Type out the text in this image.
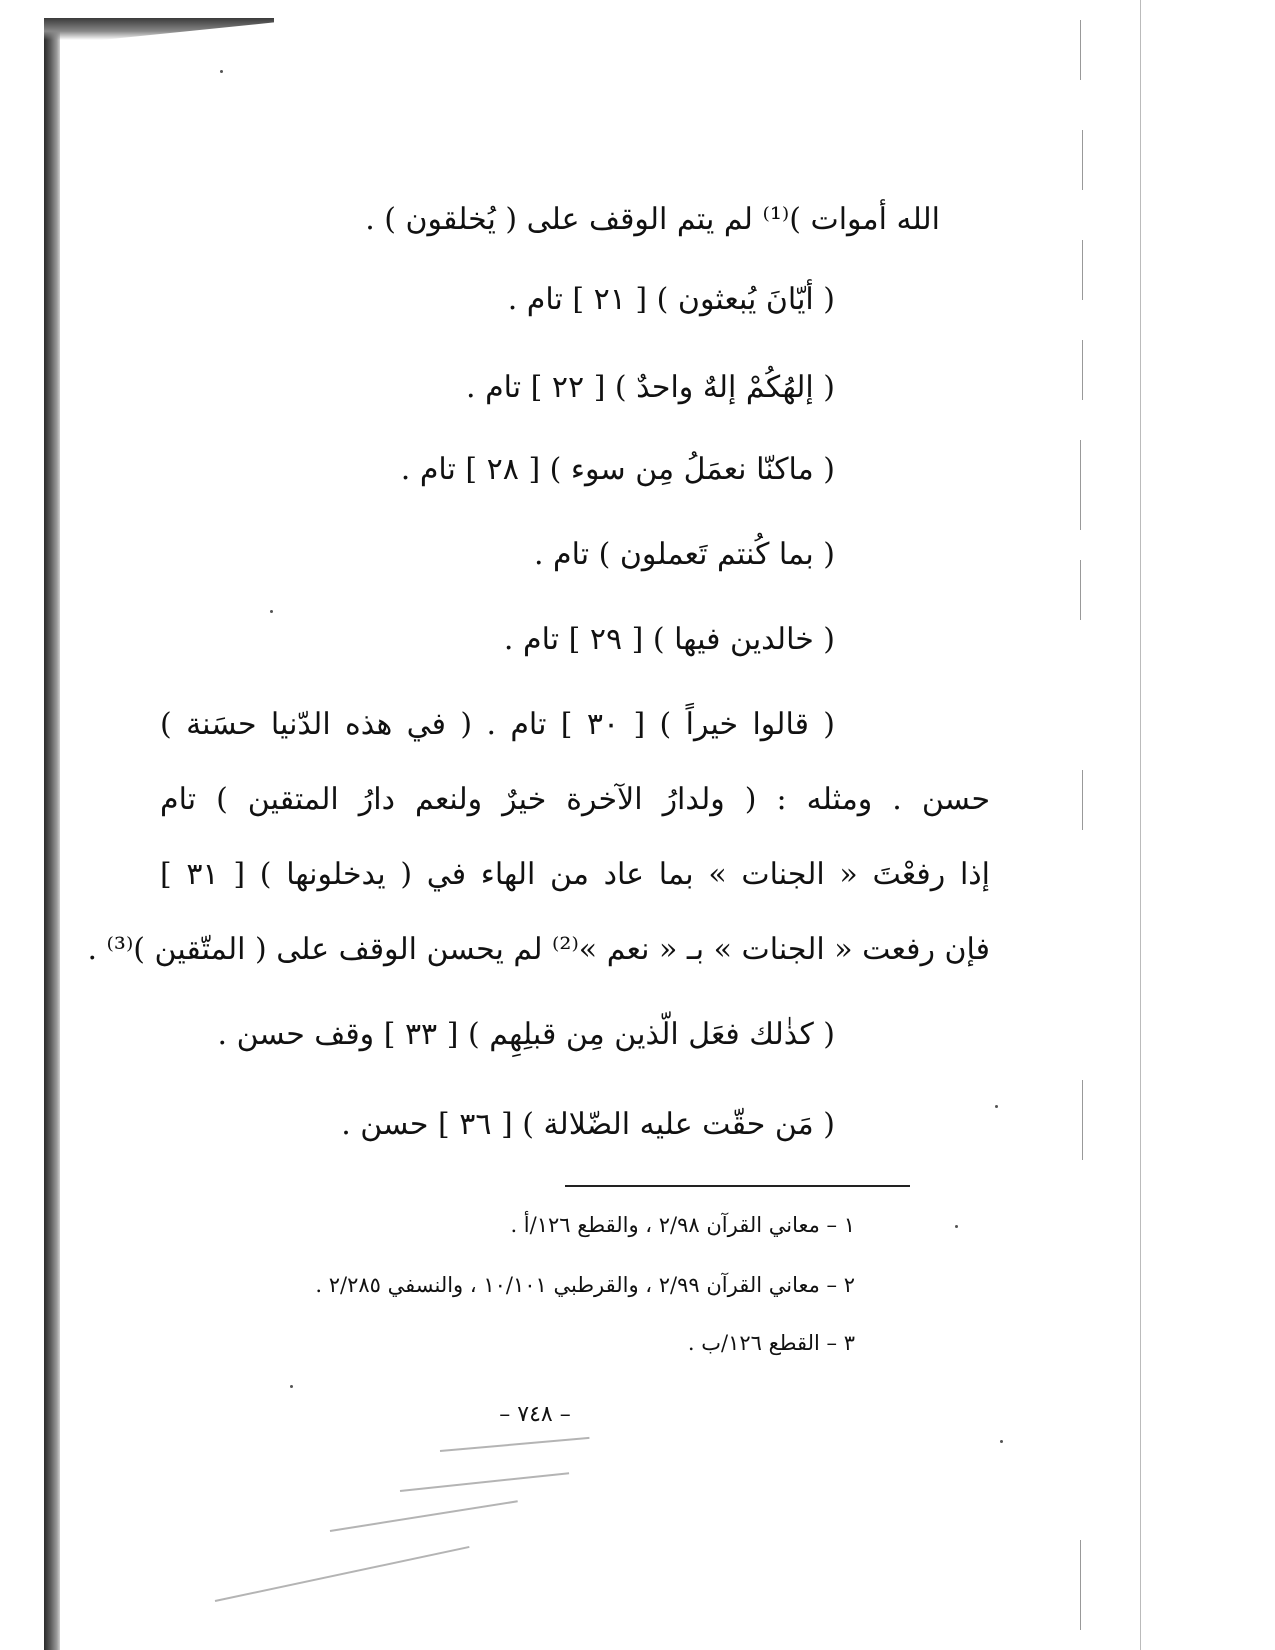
الله أموات )⁽¹⁾ لم يتم الوقف على ( يُخلقون ) .
( أيّانَ يُبعثون ) [ ٢١ ] تام .
( إلهُكُمْ إلهٌ واحدٌ ) [ ٢٢ ] تام .
( ماكنّا نعمَلُ مِن سوء ) [ ٢٨ ] تام .
( بما كُنتم تَعملون ) تام .
( خالدين فيها ) [ ٢٩ ] تام .
( قالوا خيراً ) [ ٣٠ ] تام . ( في هذه الدّنيا حسَنة )
حسن . ومثله : ( ولدارُ الآخرة خيرٌ ولنعم دارُ المتقين ) تام
إذا رفعْتَ « الجنات » بما عاد من الهاء في ( يدخلونها ) [ ٣١ ]
فإن رفعت « الجنات » بـ « نعم »⁽²⁾ لم يحسن الوقف على ( المتّقين )⁽³⁾ .
( كذٰلك فعَل الّذين مِن قبلِهِم ) [ ٣٣ ] وقف حسن .
( مَن حقّت عليه الضّلالة ) [ ٣٦ ] حسن .
١ – معاني القرآن ٢/٩٨ ، والقطع ١٢٦/أ .
٢ – معاني القرآن ٢/٩٩ ، والقرطبي ١٠/١٠١ ، والنسفي ٢/٢٨٥ .
٣ – القطع ١٢٦/ب .
– ٧٤٨ –
